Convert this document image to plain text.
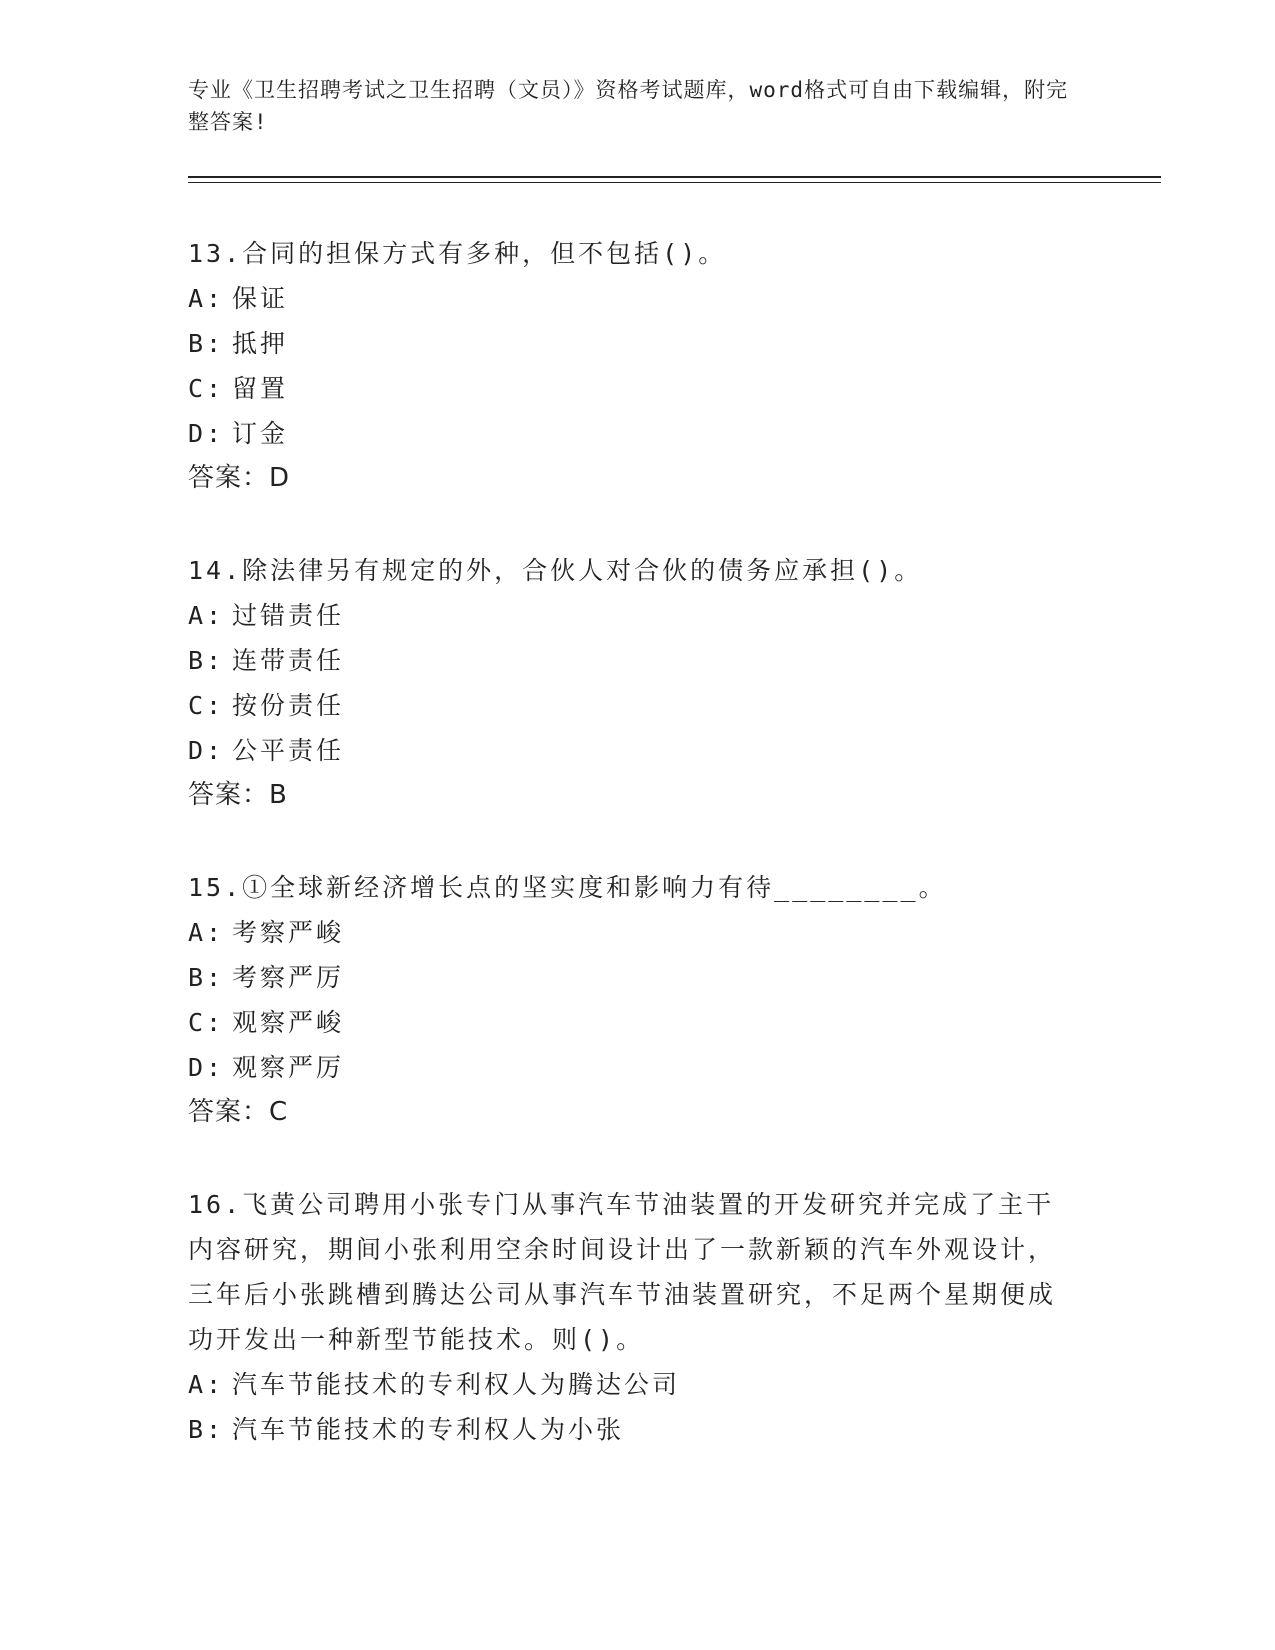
专业《卫生招聘考试之卫生招聘（文员）》资格考试题库，word格式可自由下载编辑，附完整答案!

13.合同的担保方式有多种，但不包括()。

A: 保证

B: 抵押

C: 留置

D: 订金

答案：D

14.除法律另有规定的外，合伙人对合伙的债务应承担()。

A: 过错责任

B: 连带责任

C: 按份责任

D: 公平责任

答案：B

15.①全球新经济增长点的坚实度和影响力有待________。

A: 考察严峻

B: 考察严厉

C: 观察严峻

D: 观察严厉

答案：C

16.飞黄公司聘用小张专门从事汽车节油装置的开发研究并完成了主干内容研究，期间小张利用空余时间设计出了一款新颖的汽车外观设计，三年后小张跳槽到腾达公司从事汽车节油装置研究，不足两个星期便成功开发出一种新型节能技术。则()。

A: 汽车节能技术的专利权人为腾达公司

B: 汽车节能技术的专利权人为小张
